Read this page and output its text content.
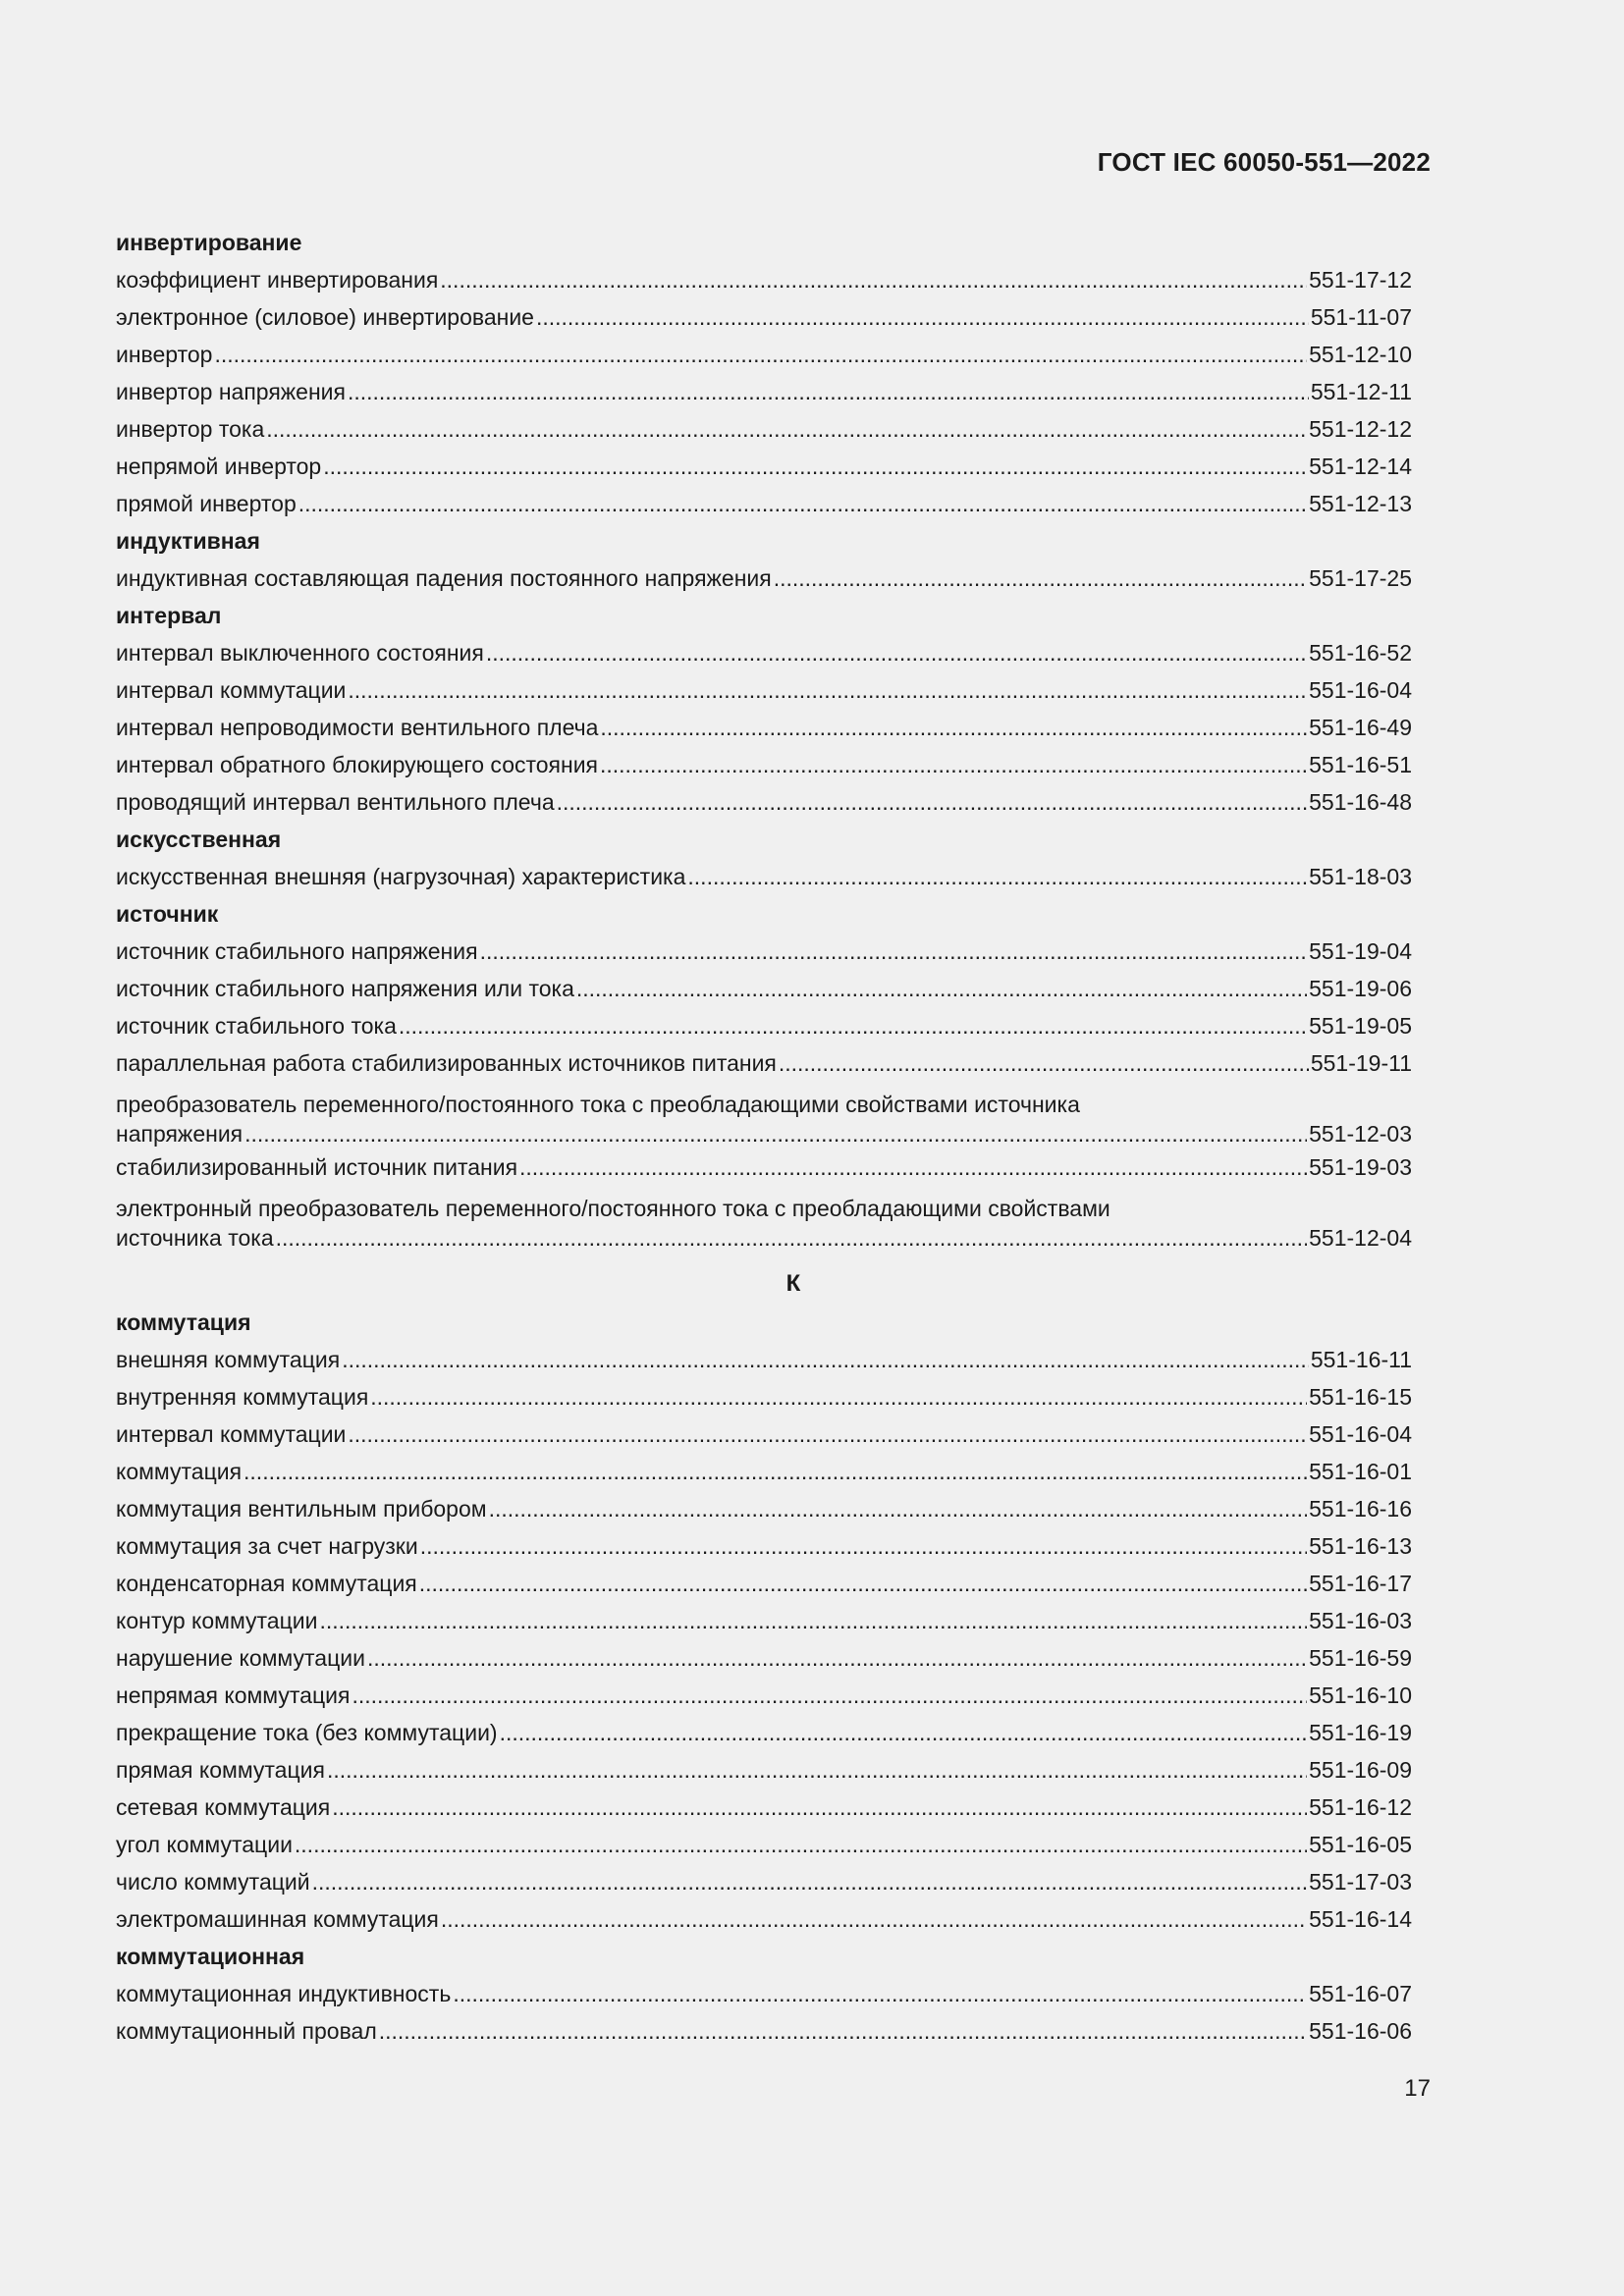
ГОСТ IEC 60050-551—2022
инвертирование
коэффициент инвертирования . . .	551-17-12
электронное (силовое) инвертирование . . .	551-11-07
инвертор . . .	551-12-10
инвертор напряжения . . .	551-12-11
инвертор тока . . .	551-12-12
непрямой инвертор . . .	551-12-14
прямой инвертор . . .	551-12-13
индуктивная
индуктивная составляющая падения постоянного напряжения . . .	551-17-25
интервал
интервал выключенного состояния . . .	551-16-52
интервал коммутации . . .	551-16-04
интервал непроводимости вентильного плеча . . .	551-16-49
интервал обратного блокирующего состояния . . .	551-16-51
проводящий интервал вентильного плеча . . .	551-16-48
искусственная
искусственная внешняя (нагрузочная) характеристика . . .	551-18-03
источник
источник стабильного напряжения . . .	551-19-04
источник стабильного напряжения или тока . . .	551-19-06
источник стабильного тока . . .	551-19-05
параллельная работа стабилизированных источников питания . . .	551-19-11
преобразователь переменного/постоянного тока с преобладающими свойствами источника
напряжения . . .	551-12-03
стабилизированный источник питания . . .	551-19-03
электронный преобразователь переменного/постоянного тока с преобладающими свойствами
источника тока . . .	551-12-04
К
коммутация
внешняя коммутация . . .	551-16-11
внутренняя коммутация . . .	551-16-15
интервал коммутации . . .	551-16-04
коммутация . . .	551-16-01
коммутация вентильным прибором . . .	551-16-16
коммутация за счет нагрузки . . .	551-16-13
конденсаторная коммутация . . .	551-16-17
контур коммутации . . .	551-16-03
нарушение коммутации . . .	551-16-59
непрямая коммутация . . .	551-16-10
прекращение тока (без коммутации) . . .	551-16-19
прямая коммутация . . .	551-16-09
сетевая коммутация . . .	551-16-12
угол коммутации . . .	551-16-05
число коммутаций . . .	551-17-03
электромашинная коммутация . . .	551-16-14
коммутационная
коммутационная индуктивность . . .	551-16-07
коммутационный провал . . .	551-16-06
17
